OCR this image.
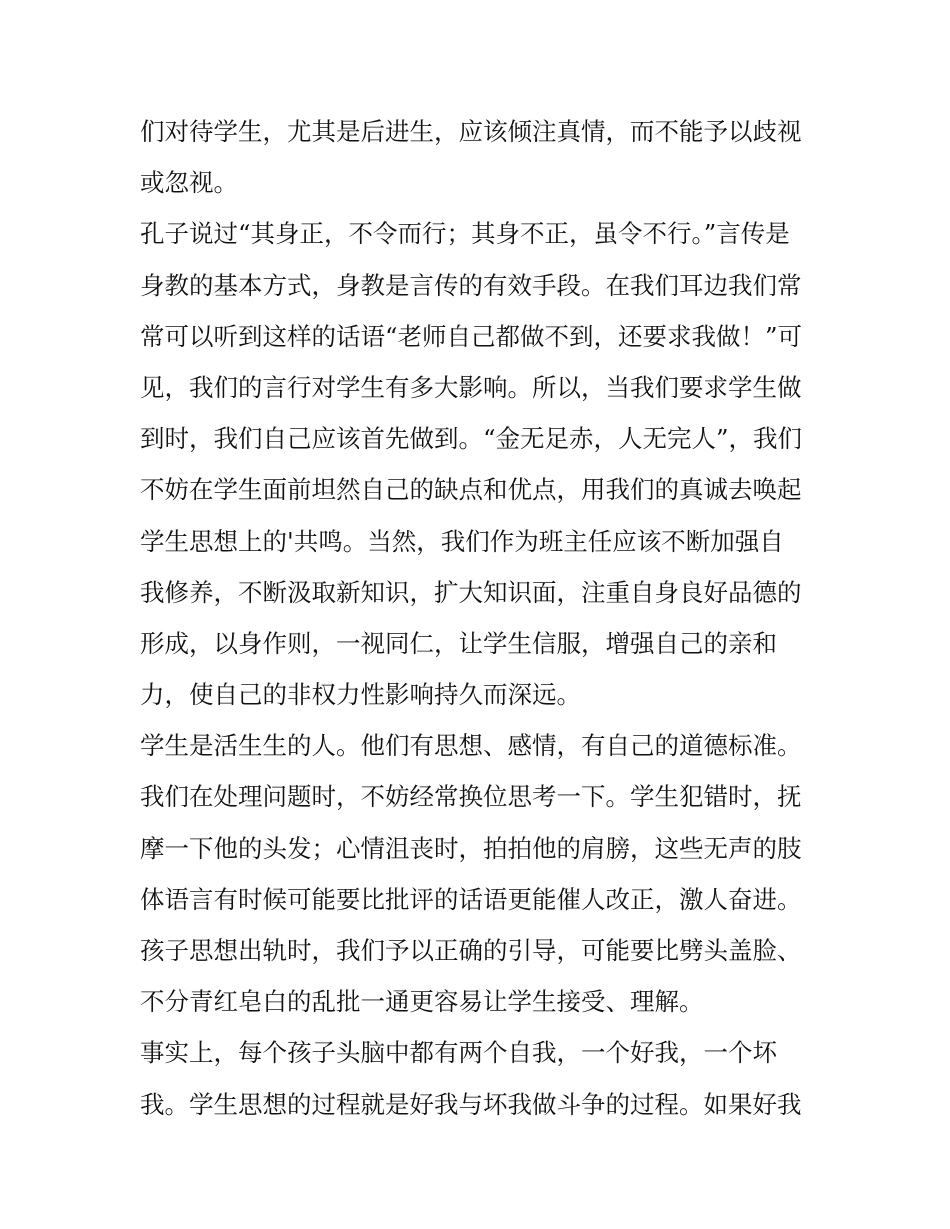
们对待学生，尤其是后进生，应该倾注真情，而不能予以歧视
或忽视。
孔子说过“其身正，不令而行；其身不正，虽令不行。”言传是
身教的基本方式，身教是言传的有效手段。在我们耳边我们常
常可以听到这样的话语“老师自己都做不到，还要求我做！”可
见，我们的言行对学生有多大影响。所以，当我们要求学生做
到时，我们自己应该首先做到。“金无足赤，人无完人”，我们
不妨在学生面前坦然自己的缺点和优点，用我们的真诚去唤起
学生思想上的'共鸣。当然，我们作为班主任应该不断加强自
我修养，不断汲取新知识，扩大知识面，注重自身良好品德的
形成，以身作则，一视同仁，让学生信服，增强自己的亲和
力，使自己的非权力性影响持久而深远。
学生是活生生的人。他们有思想、感情，有自己的道德标准。
我们在处理问题时，不妨经常换位思考一下。学生犯错时，抚
摩一下他的头发；心情沮丧时，拍拍他的肩膀，这些无声的肢
体语言有时候可能要比批评的话语更能催人改正，激人奋进。
孩子思想出轨时，我们予以正确的引导，可能要比劈头盖脸、
不分青红皂白的乱批一通更容易让学生接受、理解。
事实上，每个孩子头脑中都有两个自我，一个好我，一个坏
我。学生思想的过程就是好我与坏我做斗争的过程。如果好我
